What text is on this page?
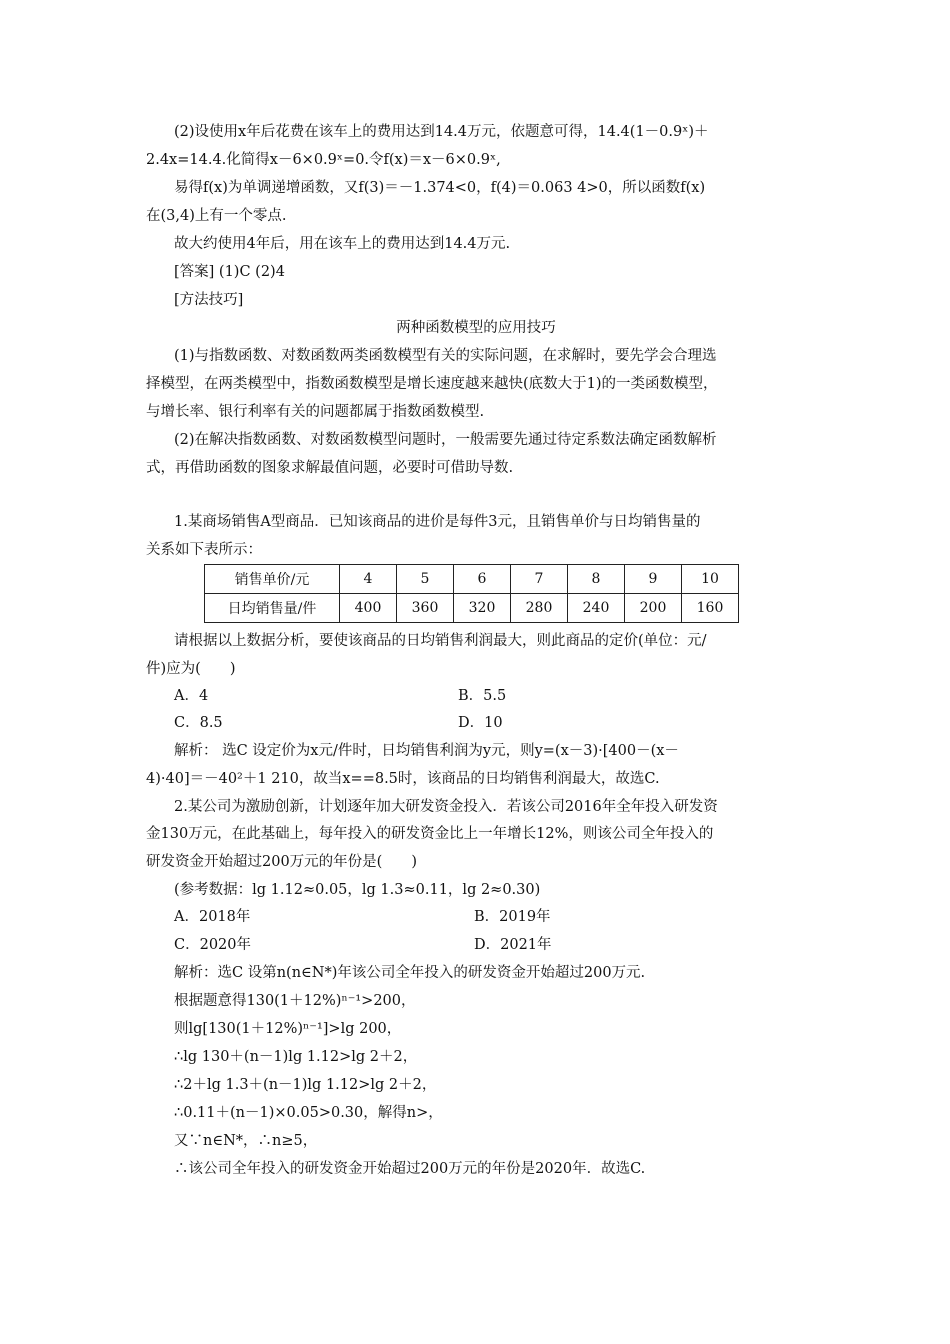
(2)设使用x年后花费在该车上的费用达到14.4万元，依题意可得，14.4(1－0.9ˣ)＋
2.4x=14.4.化简得x－6×0.9ˣ=0.令f(x)＝x－6×0.9ˣ,
易得f(x)为单调递增函数，又f(3)＝－1.374<0，f(4)＝0.063 4>0，所以函数f(x)
在(3,4)上有一个零点.
故大约使用4年后，用在该车上的费用达到14.4万元.
[答案] (1)C (2)4
[方法技巧]
两种函数模型的应用技巧
(1)与指数函数、对数函数两类函数模型有关的实际问题，在求解时，要先学会合理选
择模型，在两类模型中，指数函数模型是增长速度越来越快(底数大于1)的一类函数模型，
与增长率、银行利率有关的问题都属于指数函数模型.
(2)在解决指数函数、对数函数模型问题时，一般需要先通过待定系数法确定函数解析
式，再借助函数的图象求解最值问题，必要时可借助导数.
1.某商场销售A型商品．已知该商品的进价是每件3元，且销售单价与日均销售量的
关系如下表所示：
销售单价/元	4	5	6	7	8	9	10
日均销售量/件	400	360	320	280	240	200	160
请根据以上数据分析，要使该商品的日均销售利润最大，则此商品的定价(单位：元/
件)应为(　　)
A．4	B．5.5
C．8.5	D．10
解析： 选C 设定价为x元/件时，日均销售利润为y元，则y=(x－3)·[400－(x－
4)·40]＝－40²＋1 210，故当x==8.5时，该商品的日均销售利润最大，故选C.
2.某公司为激励创新，计划逐年加大研发资金投入．若该公司2016年全年投入研发资
金130万元，在此基础上，每年投入的研发资金比上一年增长12%，则该公司全年投入的
研发资金开始超过200万元的年份是(　　)
(参考数据：lg 1.12≈0.05，lg 1.3≈0.11，lg 2≈0.30)
A．2018年	B．2019年
C．2020年	D．2021年
解析：选C 设第n(n∈N*)年该公司全年投入的研发资金开始超过200万元.
根据题意得130(1＋12%)ⁿ⁻¹>200，
则lg[130(1＋12%)ⁿ⁻¹]>lg 200，
∴lg 130＋(n－1)lg 1.12>lg 2＋2，
∴2＋lg 1.3＋(n－1)lg 1.12>lg 2＋2，
∴0.11＋(n－1)×0.05>0.30，解得n>，
又∵n∈N*，∴n≥5，
∴该公司全年投入的研发资金开始超过200万元的年份是2020年．故选C.
